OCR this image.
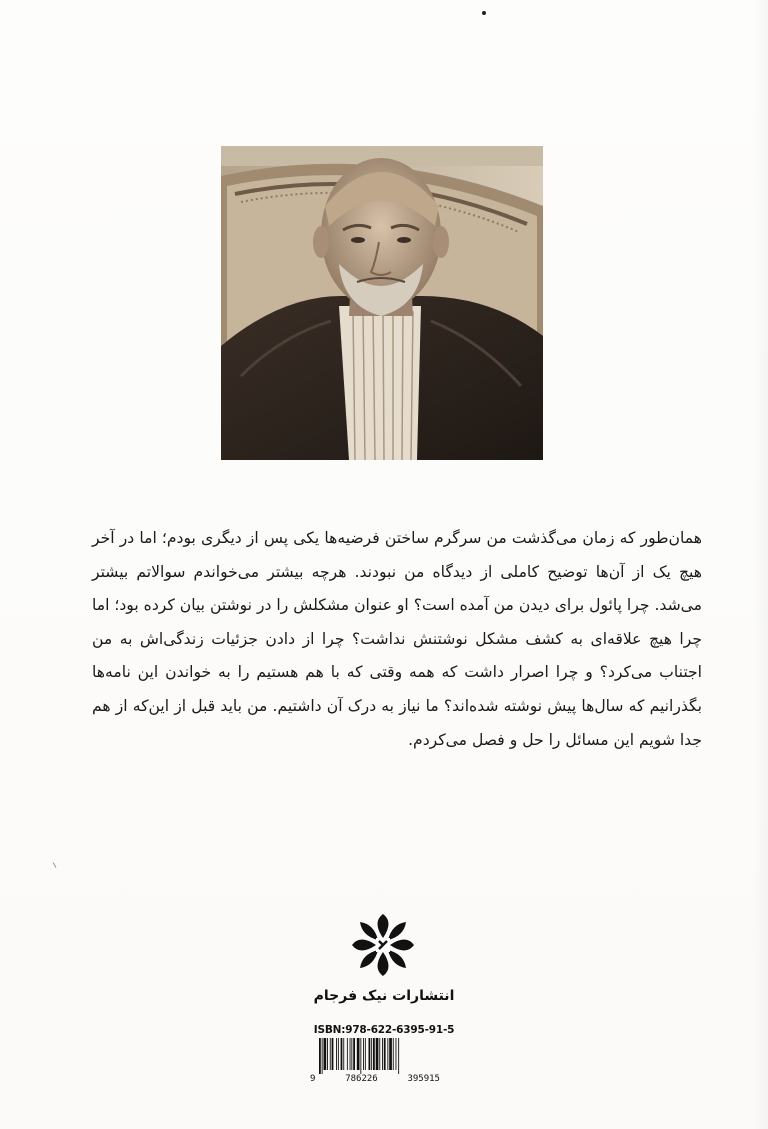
همان‌طور که زمان می‌گذشت من سرگرم ساختن فرضیه‌ها یکی پس از دیگری بودم؛ اما در آخر هیچ یک از آن‌ها توضیح کاملی از دیدگاه من نبودند. هرچه بیشتر می‌خواندم سوالاتم بیشتر می‌شد. چرا پائول برای دیدن من آمده است؟ او عنوان مشکلش را در نوشتن بیان کرده بود؛ اما چرا هیچ علاقه‌ای به کشف مشکل نوشتنش نداشت؟ چرا از دادن جزئیات زندگی‌اش به من اجتناب می‌کرد؟ و چرا اصرار داشت که همه وقتی که با هم هستیم را به خواندن این نامه‌ها بگذرانیم که سال‌ها پیش نوشته شده‌اند؟ ما نیاز به درک آن داشتیم. من باید قبل از این‌که از هم جدا شویم این مسائل را حل و فصل می‌کردم.

انتشارات نیک فرجام
ISBN:978-622-6395-91-5
9	786226	395915
